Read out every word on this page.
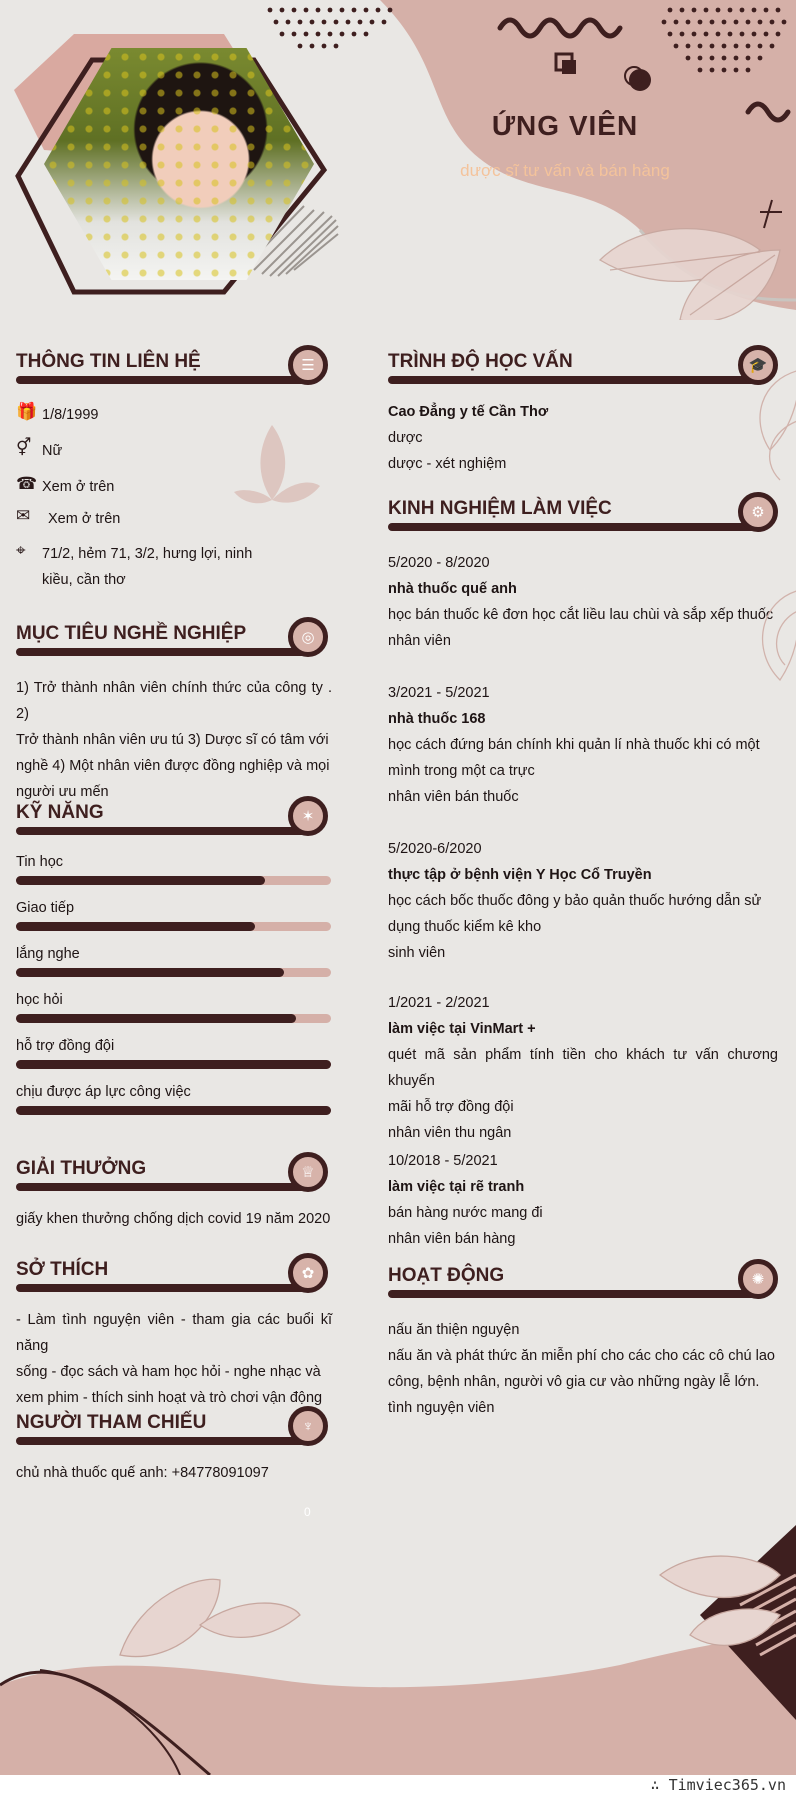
ỨNG VIÊN
dược sĩ tư vấn và bán hàng
THÔNG TIN LIÊN HỆ	☰
🎁 1/8/1999
⚥ Nữ
☎ Xem ở trên
✉	Xem ở trên
⌖	71/2, hẻm 71, 3/2, hưng lợi, ninh
kiều, cần thơ
MỤC TIÊU NGHỀ NGHIỆP	◎
1) Trở thành nhân viên chính thức của công ty . 2)
Trở thành nhân viên ưu tú 3) Dược sĩ có tâm với
nghề 4) Một nhân viên được đồng nghiệp và mọi
người ưu mến
KỸ NĂNG	✶
Tin học
Giao tiếp
lắng nghe
học hỏi
hỗ trợ đồng đội
chịu được áp lực công việc
GIẢI THƯỞNG	♕
giấy khen thưởng chống dịch covid 19 năm 2020
SỞ THÍCH	✿
- Làm tình nguyện viên - tham gia các buổi kĩ năng
sống - đọc sách và ham học hỏi - nghe nhạc và
xem phim - thích sinh hoạt và trò chơi vận động
NGƯỜI THAM CHIẾU	♆
chủ nhà thuốc quế anh: +84778091097
TRÌNH ĐỘ HỌC VẤN	🎓
Cao Đẳng y tế Cần Thơ
dược
dược - xét nghiệm
KINH NGHIỆM LÀM VIỆC	⚙
5/2020 - 8/2020
nhà thuốc quế anh
học bán thuốc kê đơn học cắt liều lau chùi và sắp xếp thuốc
nhân viên
3/2021 - 5/2021
nhà thuốc 168
học cách đứng bán chính khi quản lí nhà thuốc khi có một
mình trong một ca trực
nhân viên bán thuốc
5/2020-6/2020
thực tập ở bệnh viện Y Học Cổ Truyền
học cách bốc thuốc đông y bảo quản thuốc hướng dẫn sử
dụng thuốc kiểm kê kho
sinh viên
1/2021 - 2/2021
làm việc tại VinMart +
quét mã sản phẩm tính tiền cho khách tư vấn chương khuyến
mãi hỗ trợ đồng đội
nhân viên thu ngân
10/2018 - 5/2021
làm việc tại rẽ tranh
bán hàng nước mang đi
nhân viên bán hàng
HOẠT ĐỘNG	✺
nấu ăn thiện nguyện
nấu ăn và phát thức ăn miễn phí cho các cho các cô chú lao
công, bệnh nhân, người vô gia cư vào những ngày lễ lớn.
tình nguyện viên
0
∴ Timviec365.vn
